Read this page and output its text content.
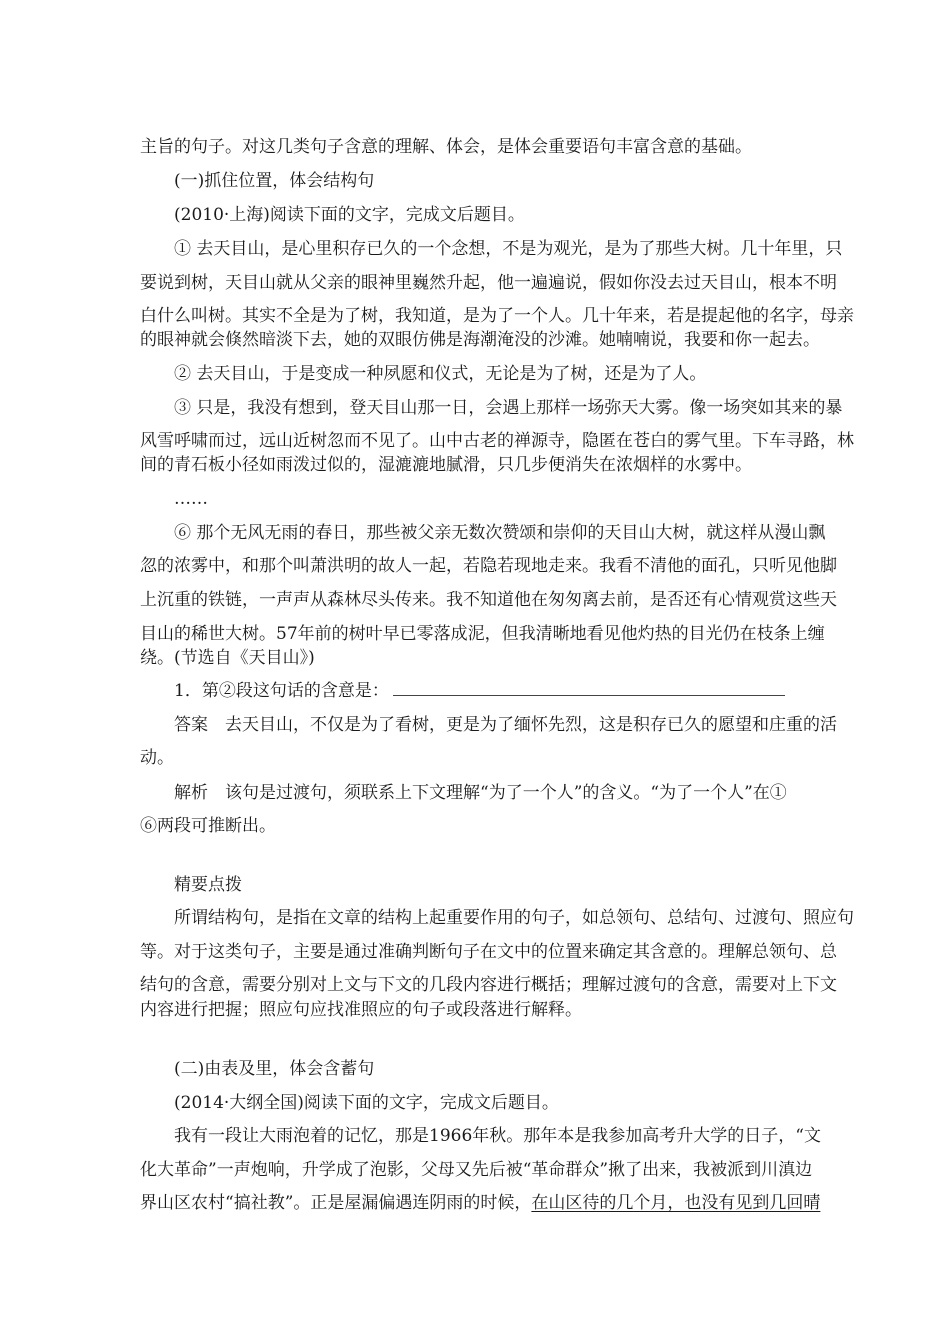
主旨的句子。对这几类句子含意的理解、体会，是体会重要语句丰富含意的基础。
(一)抓住位置，体会结构句
(2010·上海)阅读下面的文字，完成文后题目。
① 去天目山，是心里积存已久的一个念想，不是为观光，是为了那些大树。几十年里，只
要说到树，天目山就从父亲的眼神里巍然升起，他一遍遍说，假如你没去过天目山，根本不明
白什么叫树。其实不全是为了树，我知道，是为了一个人。几十年来，若是提起他的名字，母亲
的眼神就会倏然暗淡下去，她的双眼仿佛是海潮淹没的沙滩。她喃喃说，我要和你一起去。
② 去天目山，于是变成一种夙愿和仪式，无论是为了树，还是为了人。
③ 只是，我没有想到，登天目山那一日，会遇上那样一场弥天大雾。像一场突如其来的暴
风雪呼啸而过，远山近树忽而不见了。山中古老的禅源寺，隐匿在苍白的雾气里。下车寻路，林
间的青石板小径如雨泼过似的，湿漉漉地腻滑，只几步便消失在浓烟样的水雾中。
……
⑥ 那个无风无雨的春日，那些被父亲无数次赞颂和崇仰的天目山大树，就这样从漫山飘
忽的浓雾中，和那个叫萧洪明的故人一起，若隐若现地走来。我看不清他的面孔，只听见他脚
上沉重的铁链，一声声从森林尽头传来。我不知道他在匆匆离去前，是否还有心情观赏这些天
目山的稀世大树。57年前的树叶早已零落成泥，但我清晰地看见他灼热的目光仍在枝条上缠
绕。(节选自《天目山》)
1．第②段这句话的含意是：
答案　去天目山，不仅是为了看树，更是为了缅怀先烈，这是积存已久的愿望和庄重的活
动。
解析　该句是过渡句，须联系上下文理解“为了一个人”的含义。“为了一个人”在①
⑥两段可推断出。
精要点拨
所谓结构句，是指在文章的结构上起重要作用的句子，如总领句、总结句、过渡句、照应句
等。对于这类句子，主要是通过准确判断句子在文中的位置来确定其含意的。理解总领句、总
结句的含意，需要分别对上文与下文的几段内容进行概括；理解过渡句的含意，需要对上下文
内容进行把握；照应句应找准照应的句子或段落进行解释。
(二)由表及里，体会含蓄句
(2014·大纲全国)阅读下面的文字，完成文后题目。
我有一段让大雨泡着的记忆，那是1966年秋。那年本是我参加高考升大学的日子，“文
化大革命”一声炮响，升学成了泡影，父母又先后被“革命群众”揪了出来，我被派到川滇边
界山区农村“搞社教”。正是屋漏偏遇连阴雨的时候，在山区待的几个月，也没有见到几回晴
